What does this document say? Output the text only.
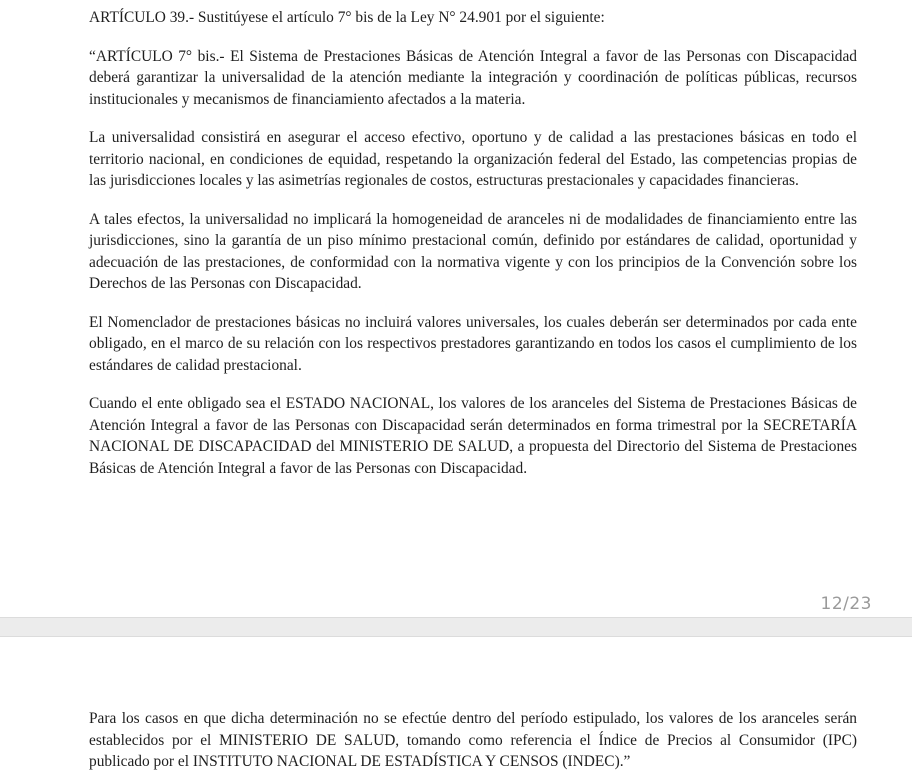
ARTÍCULO 39.- Sustitúyese el artículo 7° bis de la Ley N° 24.901 por el siguiente:

“ARTÍCULO 7° bis.- El Sistema de Prestaciones Básicas de Atención Integral a favor de las Personas con Discapacidad deberá garantizar la universalidad de la atención mediante la integración y coordinación de políticas públicas, recursos institucionales y mecanismos de financiamiento afectados a la materia.

La universalidad consistirá en asegurar el acceso efectivo, oportuno y de calidad a las prestaciones básicas en todo el territorio nacional, en condiciones de equidad, respetando la organización federal del Estado, las competencias propias de las jurisdicciones locales y las asimetrías regionales de costos, estructuras prestacionales y capacidades financieras.

A tales efectos, la universalidad no implicará la homogeneidad de aranceles ni de modalidades de financiamiento entre las jurisdicciones, sino la garantía de un piso mínimo prestacional común, definido por estándares de calidad, oportunidad y adecuación de las prestaciones, de conformidad con la normativa vigente y con los principios de la Convención sobre los Derechos de las Personas con Discapacidad.

El Nomenclador de prestaciones básicas no incluirá valores universales, los cuales deberán ser determinados por cada ente obligado, en el marco de su relación con los respectivos prestadores garantizando en todos los casos el cumplimiento de los estándares de calidad prestacional.

Cuando el ente obligado sea el ESTADO NACIONAL, los valores de los aranceles del Sistema de Prestaciones Básicas de Atención Integral a favor de las Personas con Discapacidad serán determinados en forma trimestral por la SECRETARÍA NACIONAL DE DISCAPACIDAD del MINISTERIO DE SALUD, a propuesta del Directorio del Sistema de Prestaciones Básicas de Atención Integral a favor de las Personas con Discapacidad.

12/23

Para los casos en que dicha determinación no se efectúe dentro del período estipulado, los valores de los aranceles serán establecidos por el MINISTERIO DE SALUD, tomando como referencia el Índice de Precios al Consumidor (IPC) publicado por el INSTITUTO NACIONAL DE ESTADÍSTICA Y CENSOS (INDEC).”
